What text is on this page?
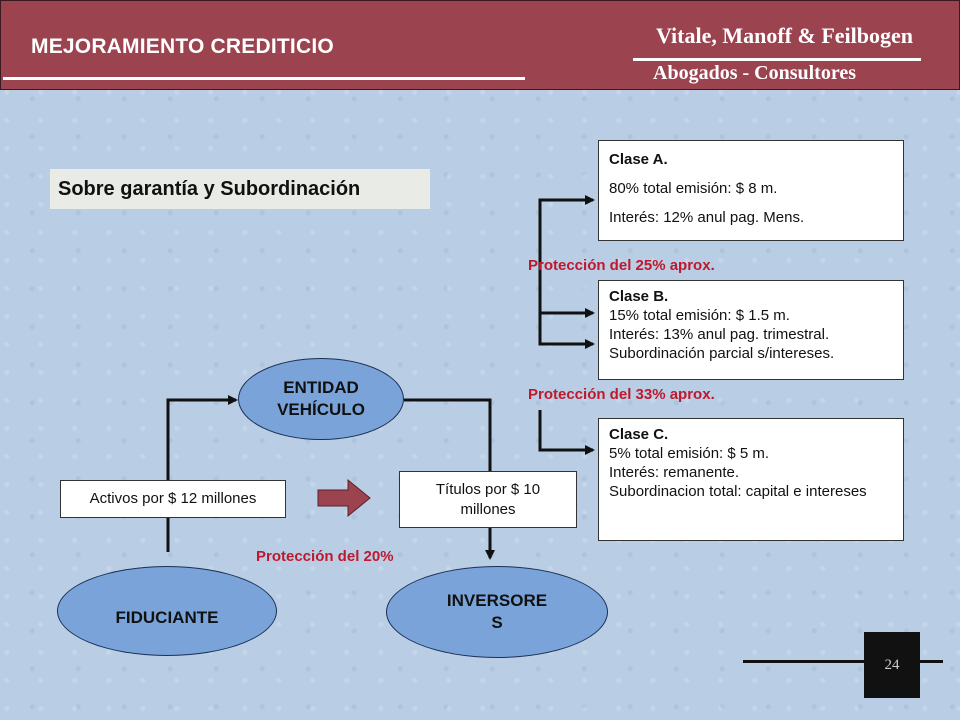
MEJORAMIENTO CREDITICIO	Vitale, Manoff & Feilbogen
Abogados - Consultores
Sobre garantía y Subordinación
Clase A.
80% total emisión: $ 8 m.
Interés: 12% anul pag. Mens.
Protección del 25% aprox.
Clase B.
15% total emisión: $ 1.5 m.
Interés: 13% anul pag. trimestral.
Subordinación parcial s/intereses.
Protección del 33% aprox.
Clase C.
5% total emisión: $ 5 m.
Interés: remanente.
Subordinacion total: capital e intereses
ENTIDAD
VEHÍCULO
Activos por $ 12 millones
Títulos por $ 10 millones
Protección del 20%
FIDUCIANTE
INVERSORE
S
24
